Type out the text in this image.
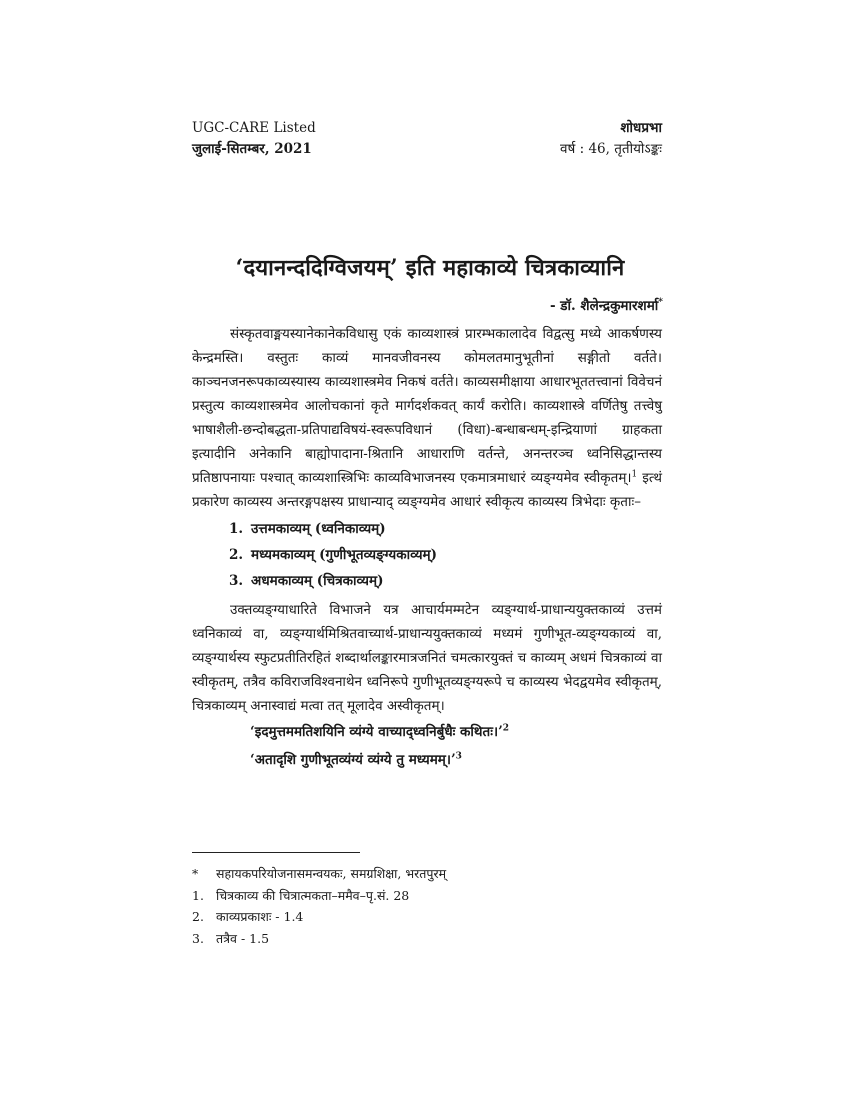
UGC-CARE Listed	शोधप्रभा
जुलाई-सितम्बर, 2021	वर्ष : 46, तृतीयोऽङ्कः
‘दयानन्ददिग्विजयम्’ इति महाकाव्ये चित्रकाव्यानि
- डॉ. शैलेन्द्रकुमारशर्मा*

संस्कृतवाङ्मयस्यानेकानेकविधासु एकं काव्यशास्त्रं प्रारम्भकालादेव विद्वत्सु मध्ये आकर्षणस्य केन्द्रमस्ति। वस्तुतः काव्यं मानवजीवनस्य कोमलतमानुभूतीनां सङ्गीतो वर्तते। काञ्चनजनरूपकाव्यस्यास्य काव्यशास्त्रमेव निकषं वर्तते। काव्यसमीक्षाया आधारभूततत्त्वानां विवेचनं प्रस्तुत्य काव्यशास्त्रमेव आलोचकानां कृते मार्गदर्शकवत् कार्यं करोति। काव्यशास्त्रे वर्णितेषु तत्त्वेषु भाषाशैली-छन्दोबद्धता-प्रतिपाद्यविषयं-स्वरूपविधानं (विधा)-बन्धाबन्धम्-इन्द्रियाणां ग्राहकता इत्यादीनि अनेकानि बाह्योपादाना-श्रितानि आधाराणि वर्तन्ते, अनन्तरञ्च ध्वनिसिद्धान्तस्य प्रतिष्ठापनायाः पश्चात् काव्यशास्त्रिभिः काव्यविभाजनस्य एकमात्रमाधारं व्यङ्ग्यमेव स्वीकृतम्।$^1$ इत्थं प्रकारेण काव्यस्य अन्तरङ्गपक्षस्य प्राधान्याद् व्यङ्ग्यमेव आधारं स्वीकृत्य काव्यस्य त्रिभेदाः कृताः–

1. उत्तमकाव्यम् (ध्वनिकाव्यम्)
2. मध्यमकाव्यम् (गुणीभूतव्यङ्ग्यकाव्यम्)
3. अधमकाव्यम् (चित्रकाव्यम्)

उक्तव्यङ्ग्याधारिते विभाजने यत्र आचार्यमम्मटेन व्यङ्ग्यार्थ-प्राधान्ययुक्तकाव्यं उत्तमं ध्वनिकाव्यं वा, व्यङ्ग्यार्थमिश्रितवाच्यार्थ-प्राधान्ययुक्तकाव्यं मध्यमं गुणीभूत-व्यङ्ग्यकाव्यं वा, व्यङ्ग्यार्थस्य स्फुटप्रतीतिरहितं शब्दार्थालङ्कारमात्रजनितं चमत्कारयुक्तं च काव्यम् अधमं चित्रकाव्यं वा स्वीकृतम्, तत्रैव कविराजविश्वनाथेन ध्वनिरूपे गुणीभूतव्यङ्ग्यरूपे च काव्यस्य भेदद्वयमेव स्वीकृतम्, चित्रकाव्यम् अनास्वाद्यं मत्वा तत् मूलादेव अस्वीकृतम्।

‘इदमुत्तममतिशयिनि व्यंग्ये वाच्याद्ध्वनिर्बुधैः कथितः।’$^2$

‘अतादृशि गुणीभूतव्यंग्यं व्यंग्ये तु मध्यमम्।’$^3$

*	सहायकपरियोजनासमन्वयकः, समग्रशिक्षा, भरतपुरम्
1. चित्रकाव्य की चित्रात्मकता–ममैव–पृ.सं. 28
2. काव्यप्रकाशः - 1.4
3. तत्रैव - 1.5
